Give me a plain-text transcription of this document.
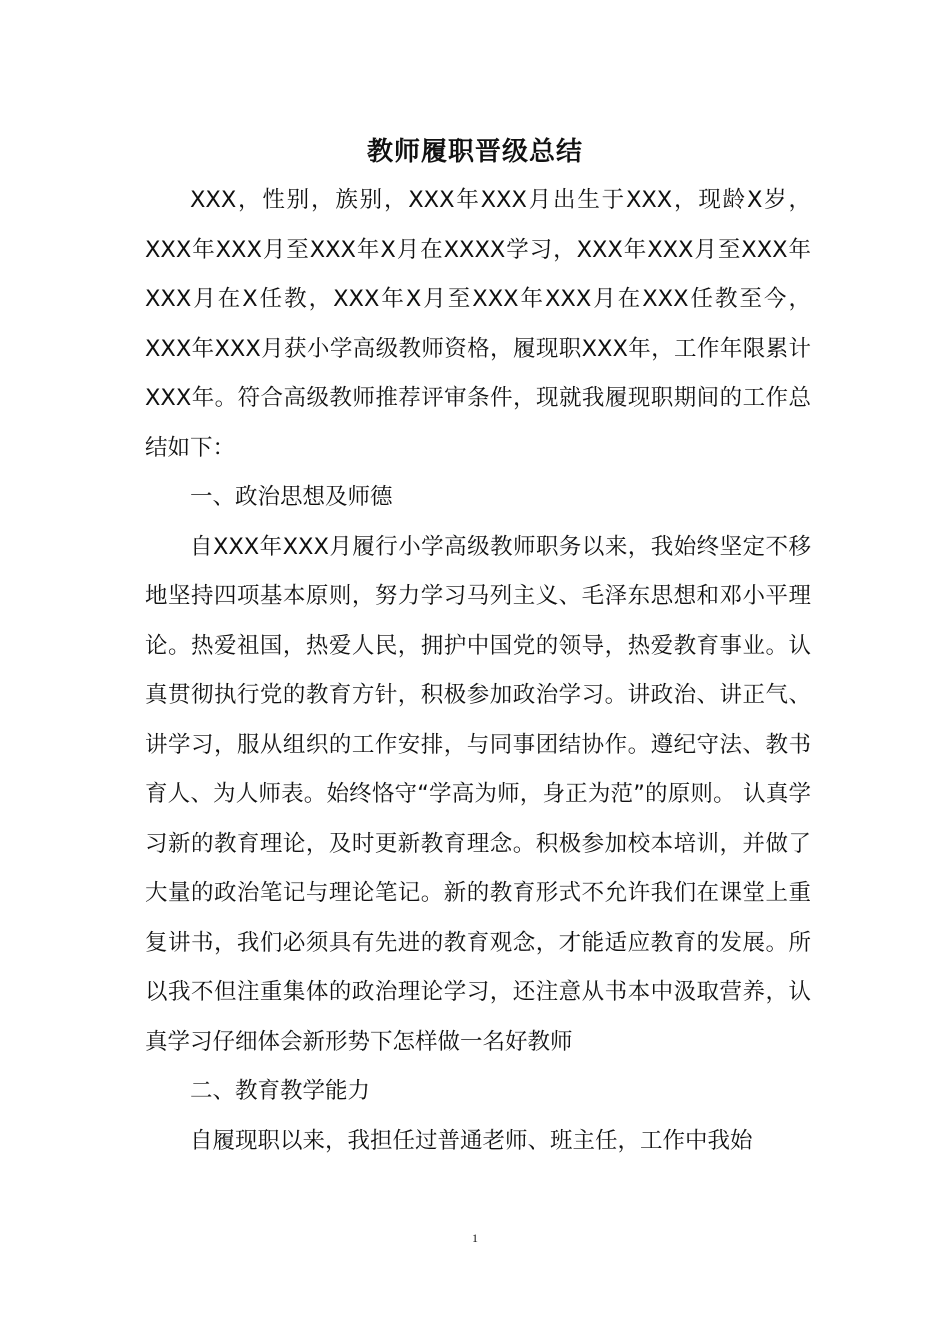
教师履职晋级总结

XXX，性别，族别，XXX年XXX月出生于XXX，现龄X岁，XXX年XXX月至XXX年X月在XXXX学习，XXX年XXX月至XXX年XXX月在X任教，XXX年X月至XXX年XXX月在XXX任教至今，XXX年XXX月获小学高级教师资格，履现职XXX年，工作年限累计XXX年。符合高级教师推荐评审条件，现就我履现职期间的工作总结如下：

一、政治思想及师德

自XXX年XXX月履行小学高级教师职务以来，我始终坚定不移地坚持四项基本原则，努力学习马列主义、毛泽东思想和邓小平理论。热爱祖国，热爱人民，拥护中国党的领导，热爱教育事业。认真贯彻执行党的教育方针，积极参加政治学习。讲政治、讲正气、讲学习，服从组织的工作安排，与同事团结协作。遵纪守法、教书育人、为人师表。始终恪守“学高为师，身正为范”的原则。 认真学习新的教育理论，及时更新教育理念。积极参加校本培训，并做了大量的政治笔记与理论笔记。新的教育形式不允许我们在课堂上重复讲书，我们必须具有先进的教育观念，才能适应教育的发展。所以我不但注重集体的政治理论学习，还注意从书本中汲取营养，认真学习仔细体会新形势下怎样做一名好教师

二、教育教学能力

自履现职以来，我担任过普通老师、班主任，工作中我始

1
